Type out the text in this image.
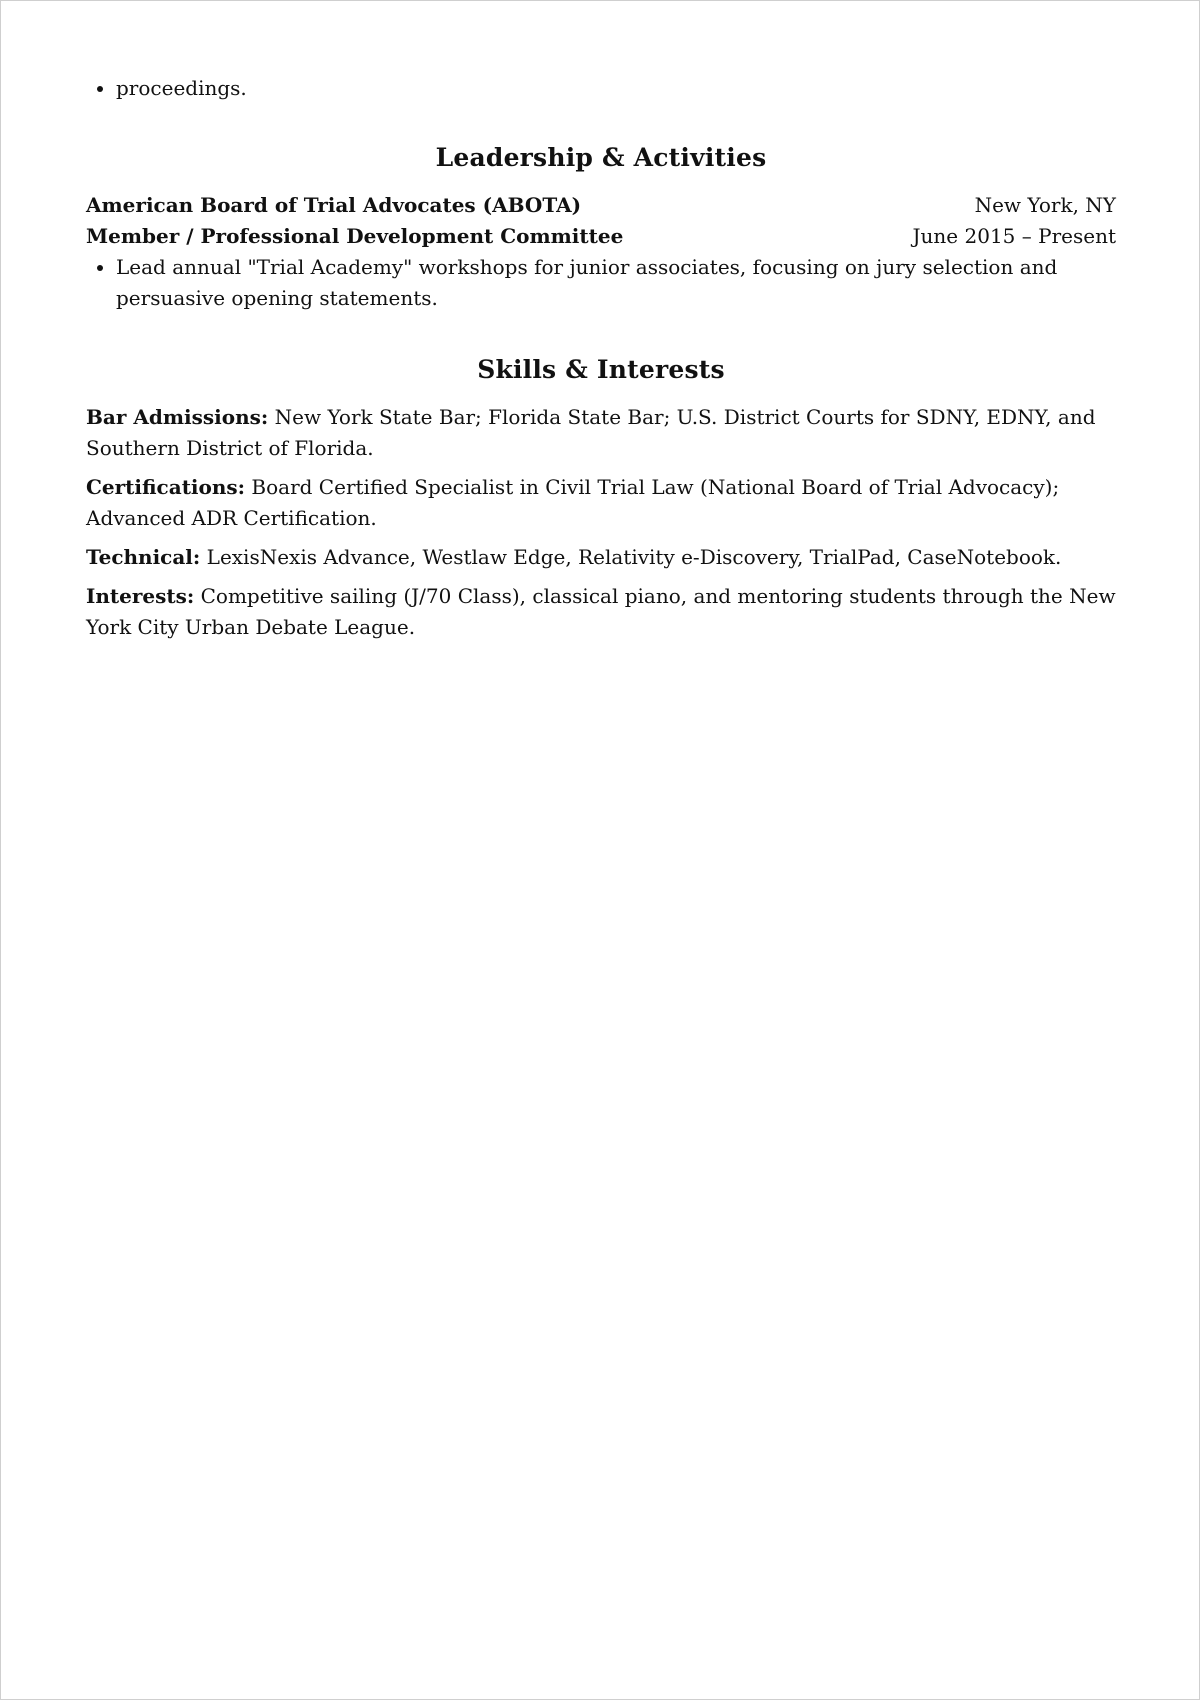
• proceedings.
Leadership & Activities
American Board of Trial Advocates (ABOTA)	New York, NY
Member / Professional Development Committee	June 2015 – Present
• Lead annual "Trial Academy" workshops for junior associates, focusing on jury selection and persuasive opening statements.
Skills & Interests

Bar Admissions: New York State Bar; Florida State Bar; U.S. District Courts for SDNY, EDNY, and Southern District of Florida.

Certifications: Board Certified Specialist in Civil Trial Law (National Board of Trial Advocacy); Advanced ADR Certification.

Technical: LexisNexis Advance, Westlaw Edge, Relativity e-Discovery, TrialPad, CaseNotebook.

Interests: Competitive sailing (J/70 Class), classical piano, and mentoring students through the New York City Urban Debate League.
